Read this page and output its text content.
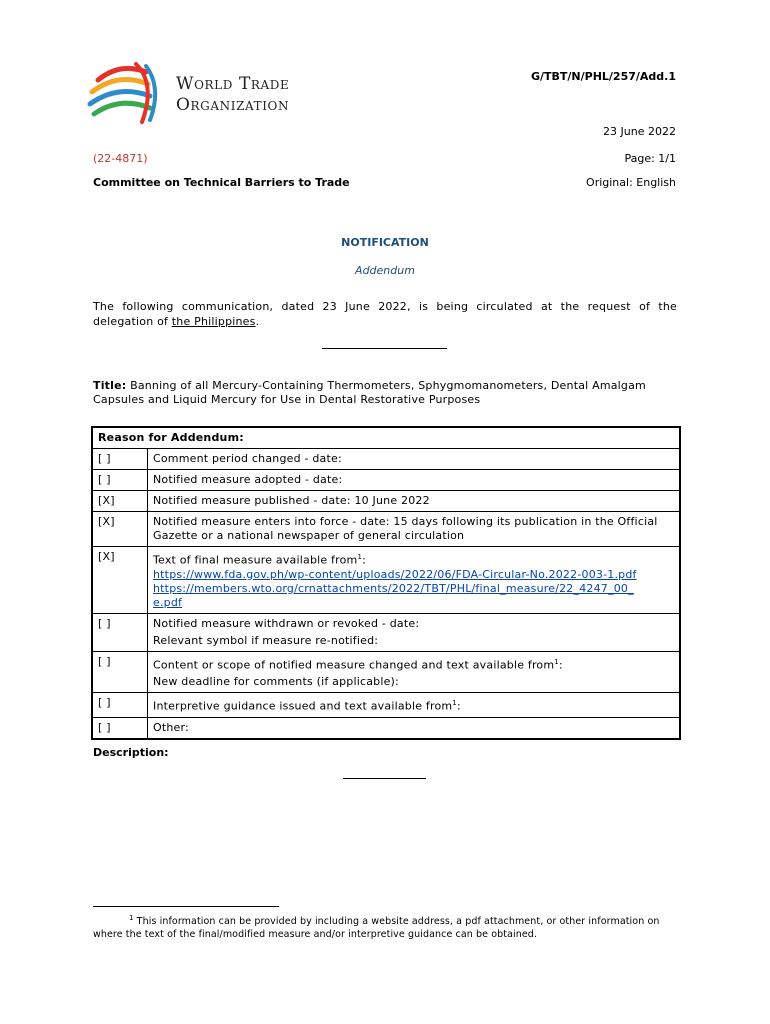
World Trade
Organization
G/TBT/N/PHL/257/Add.1
23 June 2022
(22-4871)	Page: 1/1
Committee on Technical Barriers to Trade	Original: English
NOTIFICATION
Addendum
The following communication, dated 23 June 2022, is being circulated at the request of the delegation of the Philippines.
Title: Banning of all Mercury-Containing Thermometers, Sphygmomanometers, Dental Amalgam Capsules and Liquid Mercury for Use in Dental Restorative Purposes
Reason for Addendum:	
[ ]	Comment period changed - date:
[ ]	Notified measure adopted - date:
[X]	Notified measure published - date: 10 June 2022
[X]	Notified measure enters into force - date: 15 days following its publication in the Official Gazette or a national newspaper of general circulation
[X]	Text of final measure available from$^1$:
https://www.fda.gov.ph/wp-content/uploads/2022/06/FDA-Circular-No.2022-003-1.pdf
https://members.wto.org/crnattachments/2022/TBT/PHL/final_measure/22_4247_00_
e.pdf
[ ]	Notified measure withdrawn or revoked - date:
Relevant symbol if measure re-notified:

[ ]	Content or scope of notified measure changed and text available from$^1$:
New deadline for comments (if applicable):

[ ]	Interpretive guidance issued and text available from$^1$:
[ ]	Other:
Description:
$^1$ This information can be provided by including a website address, a pdf attachment, or other information on where the text of the final/modified measure and/or interpretive guidance can be obtained.
